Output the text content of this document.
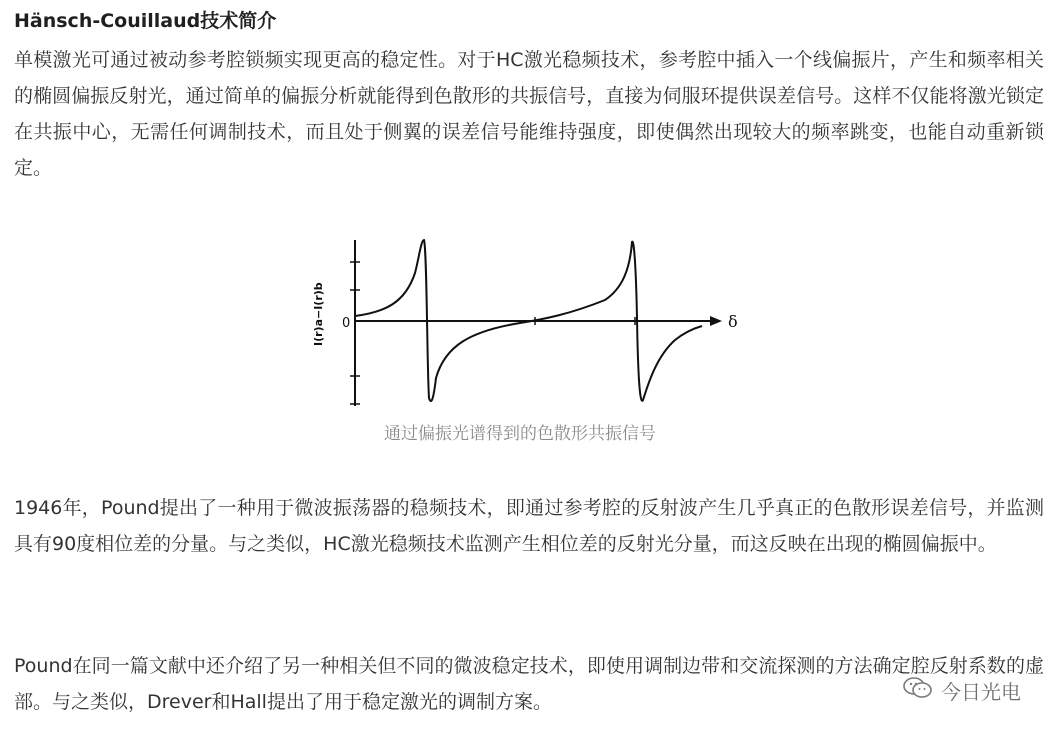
Hänsch-Couillaud技术简介

单模激光可通过被动参考腔锁频实现更高的稳定性。对于HC激光稳频技术，参考腔中插入一个线偏振片，产生和频率相关的椭圆偏振反射光，通过简单的偏振分析就能得到色散形的共振信号，直接为伺服环提供误差信号。这样不仅能将激光锁定在共振中心，无需任何调制技术，而且处于侧翼的误差信号能维持强度，即使偶然出现较大的频率跳变，也能自动重新锁定。

0	δ
I(r)a−I(r)b
通过偏振光谱得到的色散形共振信号

1946年，Pound提出了一种用于微波振荡器的稳频技术，即通过参考腔的反射波产生几乎真正的色散形误差信号，并监测具有90度相位差的分量。与之类似，HC激光稳频技术监测产生相位差的反射光分量，而这反映在出现的椭圆偏振中。

Pound在同一篇文献中还介绍了另一种相关但不同的微波稳定技术，即使用调制边带和交流探测的方法确定腔反射系数的虚部。与之类似，Drever和Hall提出了用于稳定激光的调制方案。	今日光电
